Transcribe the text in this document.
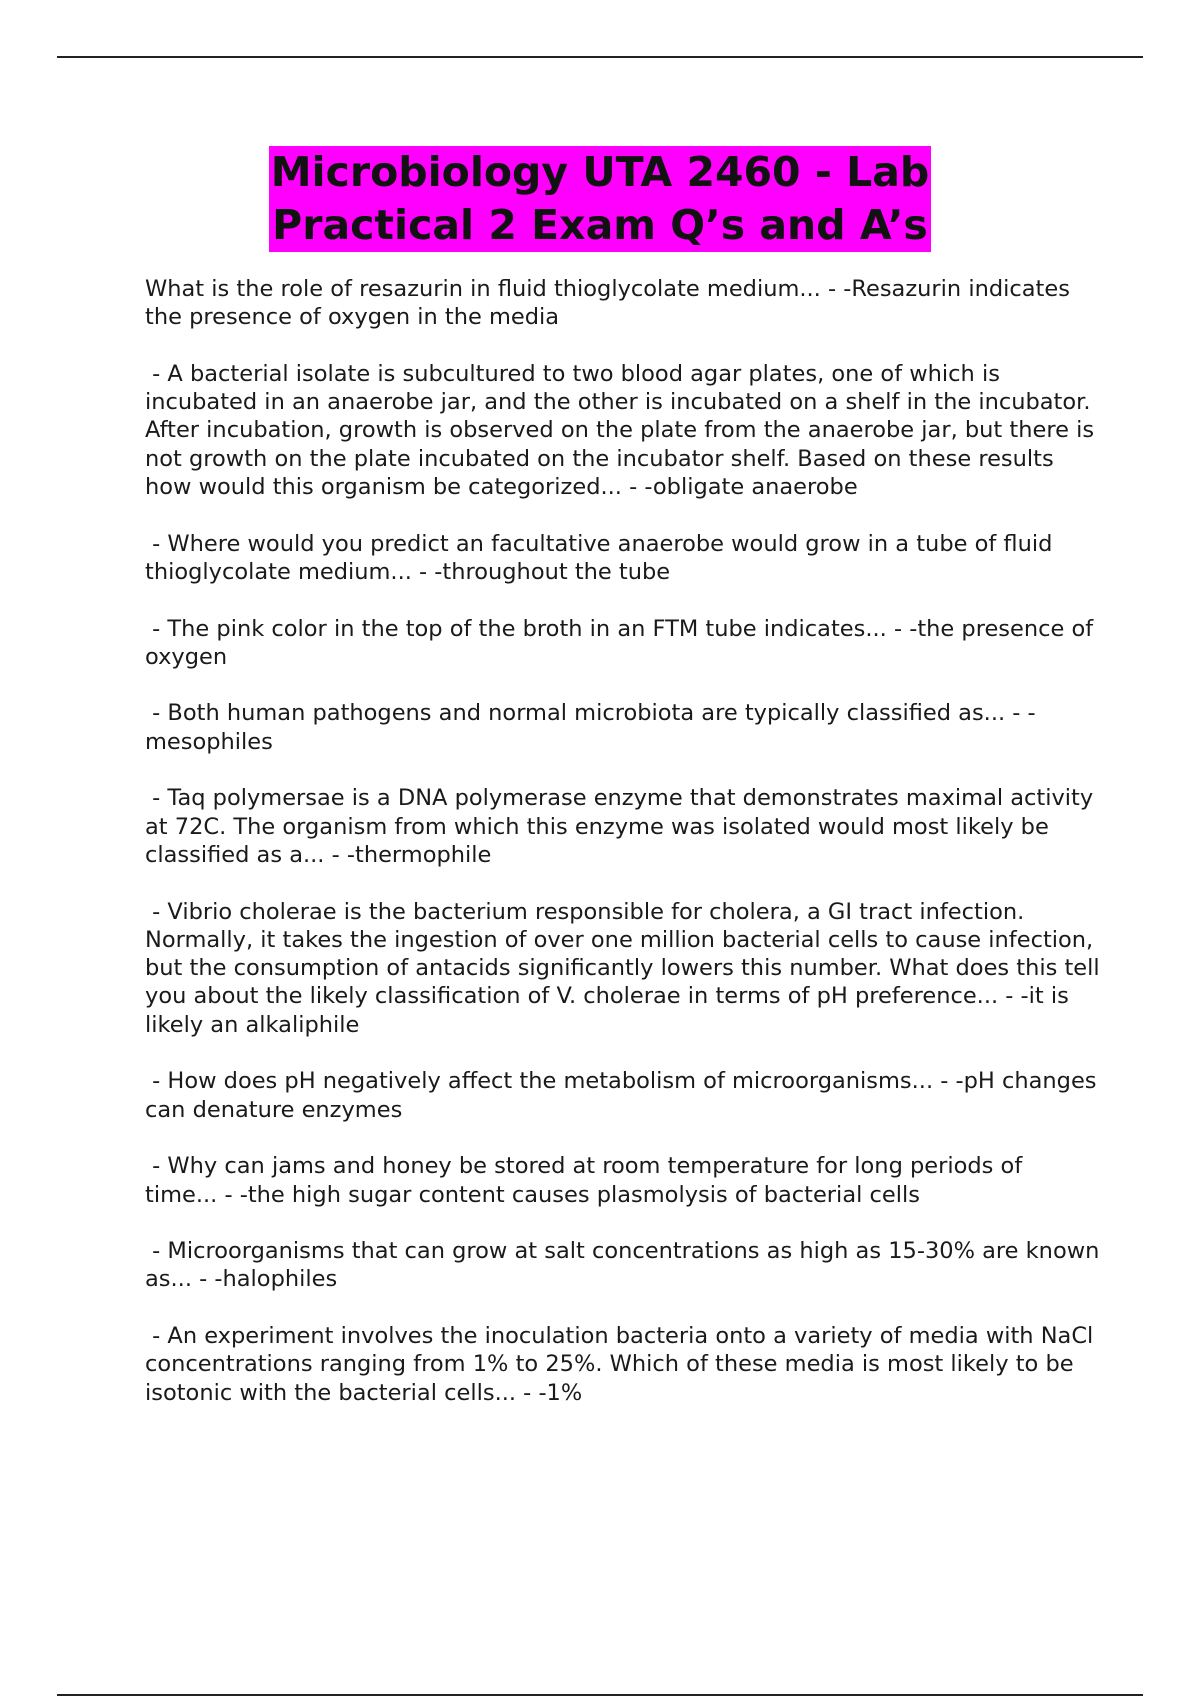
Microbiology UTA 2460 - Lab
Practical 2 Exam Q’s and A’s

What is the role of resazurin in fluid thioglycolate medium... - -Resazurin indicates the presence of oxygen in the media

- A bacterial isolate is subcultured to two blood agar plates, one of which is incubated in an anaerobe jar, and the other is incubated on a shelf in the incubator. After incubation, growth is observed on the plate from the anaerobe jar, but there is not growth on the plate incubated on the incubator shelf. Based on these results how would this organism be categorized... - -obligate anaerobe

- Where would you predict an facultative anaerobe would grow in a tube of fluid thioglycolate medium... - -throughout the tube

- The pink color in the top of the broth in an FTM tube indicates... - -the presence of oxygen

- Both human pathogens and normal microbiota are typically classified as... - -mesophiles

- Taq polymersae is a DNA polymerase enzyme that demonstrates maximal activity at 72C. The organism from which this enzyme was isolated would most likely be classified as a... - -thermophile

- Vibrio cholerae is the bacterium responsible for cholera, a GI tract infection. Normally, it takes the ingestion of over one million bacterial cells to cause infection, but the consumption of antacids significantly lowers this number. What does this tell you about the likely classification of V. cholerae in terms of pH preference... - -it is likely an alkaliphile

- How does pH negatively affect the metabolism of microorganisms... - -pH changes can denature enzymes

- Why can jams and honey be stored at room temperature for long periods of time... - -the high sugar content causes plasmolysis of bacterial cells

- Microorganisms that can grow at salt concentrations as high as 15-30% are known as... - -halophiles

- An experiment involves the inoculation bacteria onto a variety of media with NaCl concentrations ranging from 1% to 25%. Which of these media is most likely to be isotonic with the bacterial cells... - -1%
